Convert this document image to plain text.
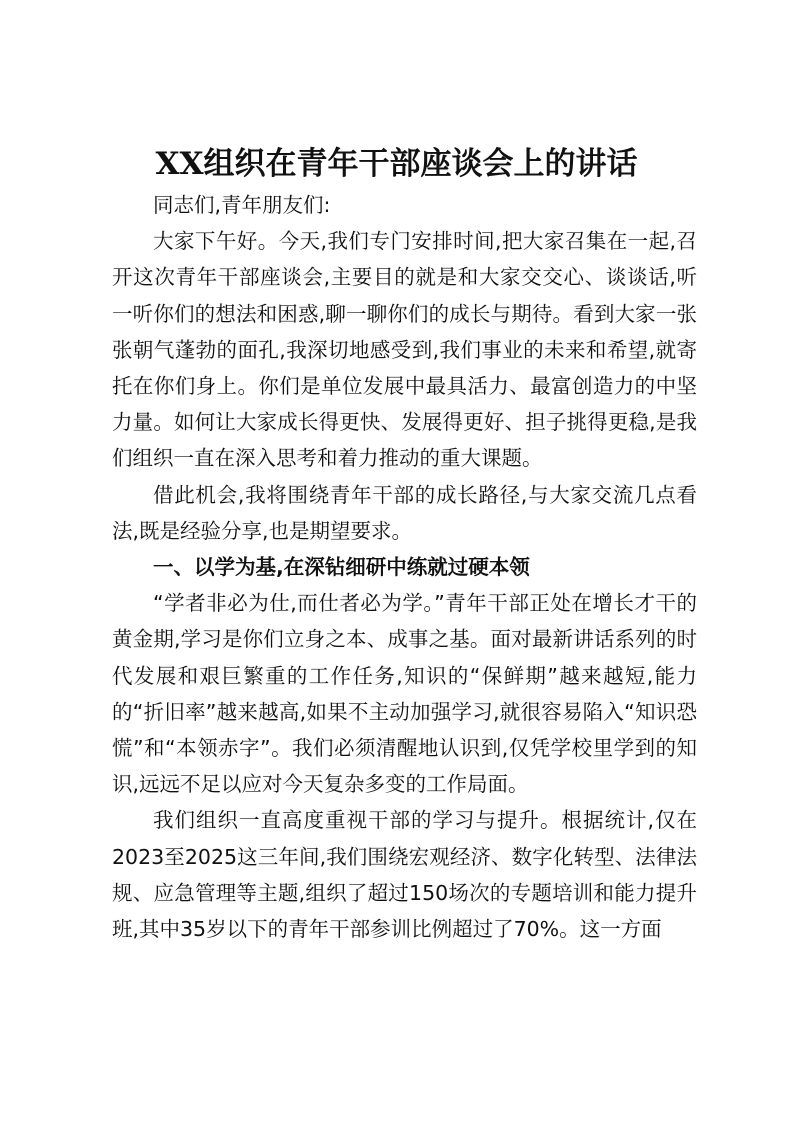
XX组织在青年干部座谈会上的讲话

同志们,青年朋友们:

大家下午好。今天,我们专门安排时间,把大家召集在一起,召开这次青年干部座谈会,主要目的就是和大家交交心、谈谈话,听一听你们的想法和困惑,聊一聊你们的成长与期待。看到大家一张张朝气蓬勃的面孔,我深切地感受到,我们事业的未来和希望,就寄托在你们身上。你们是单位发展中最具活力、最富创造力的中坚力量。如何让大家成长得更快、发展得更好、担子挑得更稳,是我们组织一直在深入思考和着力推动的重大课题。

借此机会,我将围绕青年干部的成长路径,与大家交流几点看法,既是经验分享,也是期望要求。

一、以学为基,在深钻细研中练就过硬本领

“学者非必为仕,而仕者必为学。”青年干部正处在增长才干的黄金期,学习是你们立身之本、成事之基。面对最新讲话系列的时代发展和艰巨繁重的工作任务,知识的“保鲜期”越来越短,能力的“折旧率”越来越高,如果不主动加强学习,就很容易陷入“知识恐慌”和“本领赤字”。我们必须清醒地认识到,仅凭学校里学到的知识,远远不足以应对今天复杂多变的工作局面。

我们组织一直高度重视干部的学习与提升。根据统计,仅在2023至2025这三年间,我们围绕宏观经济、数字化转型、法律法规、应急管理等主题,组织了超过150场次的专题培训和能力提升班,其中35岁以下的青年干部参训比例超过了70%。这一方面
